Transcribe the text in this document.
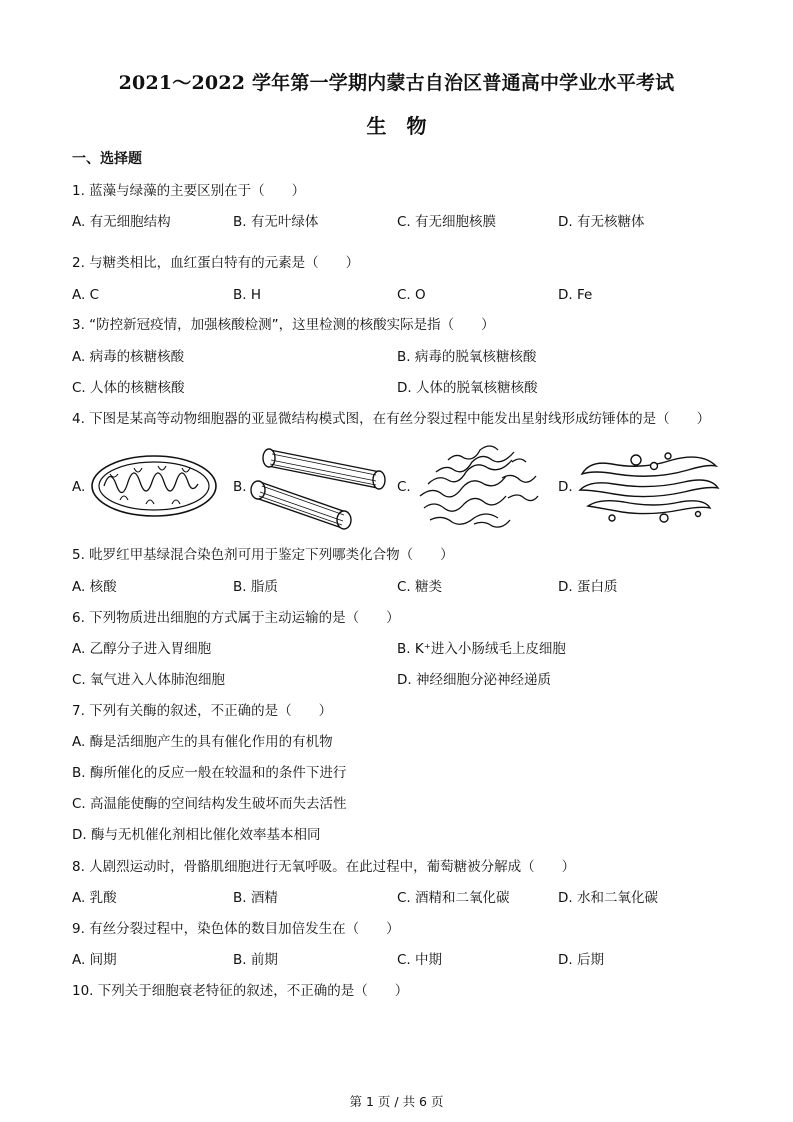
2021～2022 学年第一学期内蒙古自治区普通高中学业水平考试
生物
一、选择题
1. 蓝藻与绿藻的主要区别在于（　　）
A. 有无细胞结构	B. 有无叶绿体	C. 有无细胞核膜	D. 有无核糖体
2. 与糖类相比，血红蛋白特有的元素是（　　）
A. C	B. H	C. O	D. Fe
3. “防控新冠疫情，加强核酸检测”，这里检测的核酸实际是指（　　）
A. 病毒的核糖核酸	B. 病毒的脱氧核糖核酸
C. 人体的核糖核酸	D. 人体的脱氧核糖核酸
4. 下图是某高等动物细胞器的亚显微结构模式图，在有丝分裂过程中能发出星射线形成纺锤体的是（　　）
A.	B.	C.	D.
5. 吡罗红甲基绿混合染色剂可用于鉴定下列哪类化合物（　　）
A. 核酸	B. 脂质	C. 糖类	D. 蛋白质
6. 下列物质进出细胞的方式属于主动运输的是（　　）
A. 乙醇分子进入胃细胞	B. K⁺进入小肠绒毛上皮细胞
C. 氧气进入人体肺泡细胞	D. 神经细胞分泌神经递质
7. 下列有关酶的叙述，不正确的是（　　）
A. 酶是活细胞产生的具有催化作用的有机物
B. 酶所催化的反应一般在较温和的条件下进行
C. 高温能使酶的空间结构发生破坏而失去活性
D. 酶与无机催化剂相比催化效率基本相同
8. 人剧烈运动时，骨骼肌细胞进行无氧呼吸。在此过程中，葡萄糖被分解成（　　）
A. 乳酸	B. 酒精	C. 酒精和二氧化碳	D. 水和二氧化碳
9. 有丝分裂过程中，染色体的数目加倍发生在（　　）
A. 间期	B. 前期	C. 中期	D. 后期
10. 下列关于细胞衰老特征的叙述，不正确的是（　　）
第 1 页 / 共 6 页
